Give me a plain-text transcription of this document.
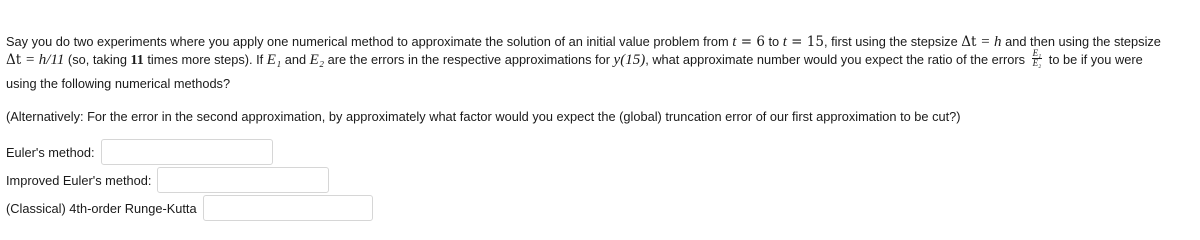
Say you do two experiments where you apply one numerical method to approximate the solution of an initial value problem from t = 6 to t = 15, first using the stepsize Δt = h and then using the stepsize
Δt = h/11 (so, taking 11 times more steps). If E₁ and E₂ are the errors in the respective approximations for y(15), what approximate number would you expect the ratio of the errors $\frac{\text{E₁}}{\text{E₂}}$ to be if you were
using the following numerical methods?
(Alternatively: For the error in the second approximation, by approximately what factor would you expect the (global) truncation error of our first approximation to be cut?)
Euler's method:
Improved Euler's method:
(Classical) 4th-order Runge-Kutta
